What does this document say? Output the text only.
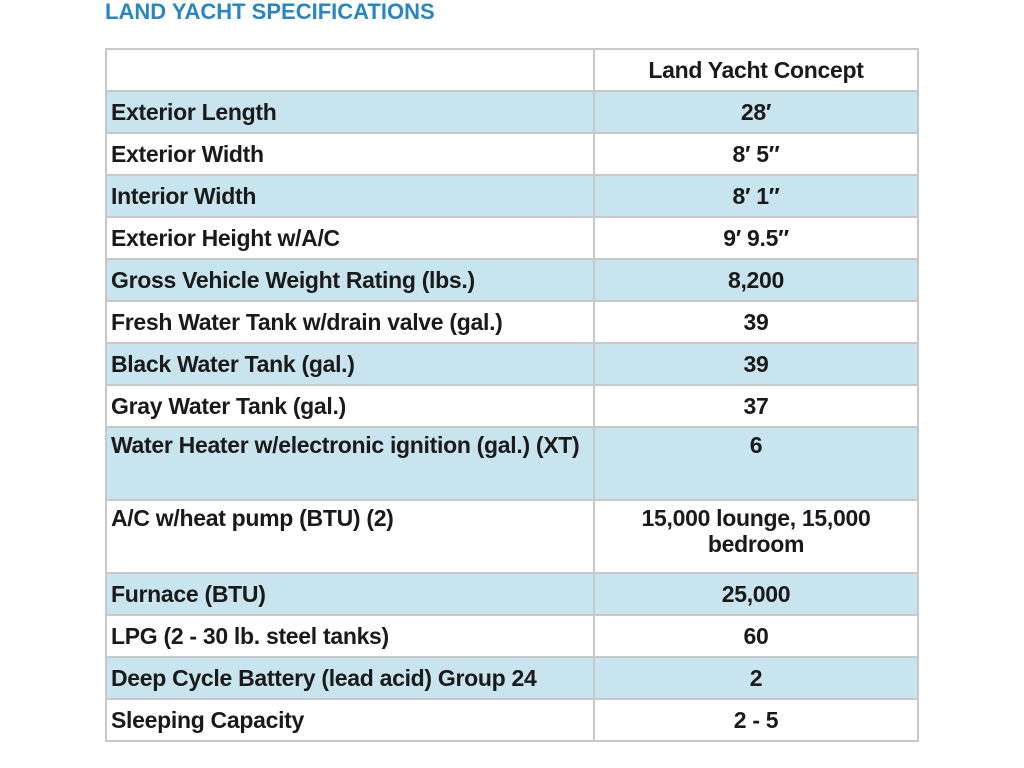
LAND YACHT SPECIFICATIONS
	Land Yacht Concept
Exterior Length	28′
Exterior Width	8′ 5″
Interior Width	8′ 1″
Exterior Height w/A/C	9′ 9.5″
Gross Vehicle Weight Rating (lbs.)	8,200
Fresh Water Tank w/drain valve (gal.)	39
Black Water Tank (gal.)	39
Gray Water Tank (gal.)	37
Water Heater w/electronic ignition (gal.) (XT)	6
A/C w/heat pump (BTU) (2)	15,000 lounge, 15,000 bedroom
Furnace (BTU)	25,000
LPG (2 - 30 lb. steel tanks)	60
Deep Cycle Battery (lead acid) Group 24	2
Sleeping Capacity	2 - 5
